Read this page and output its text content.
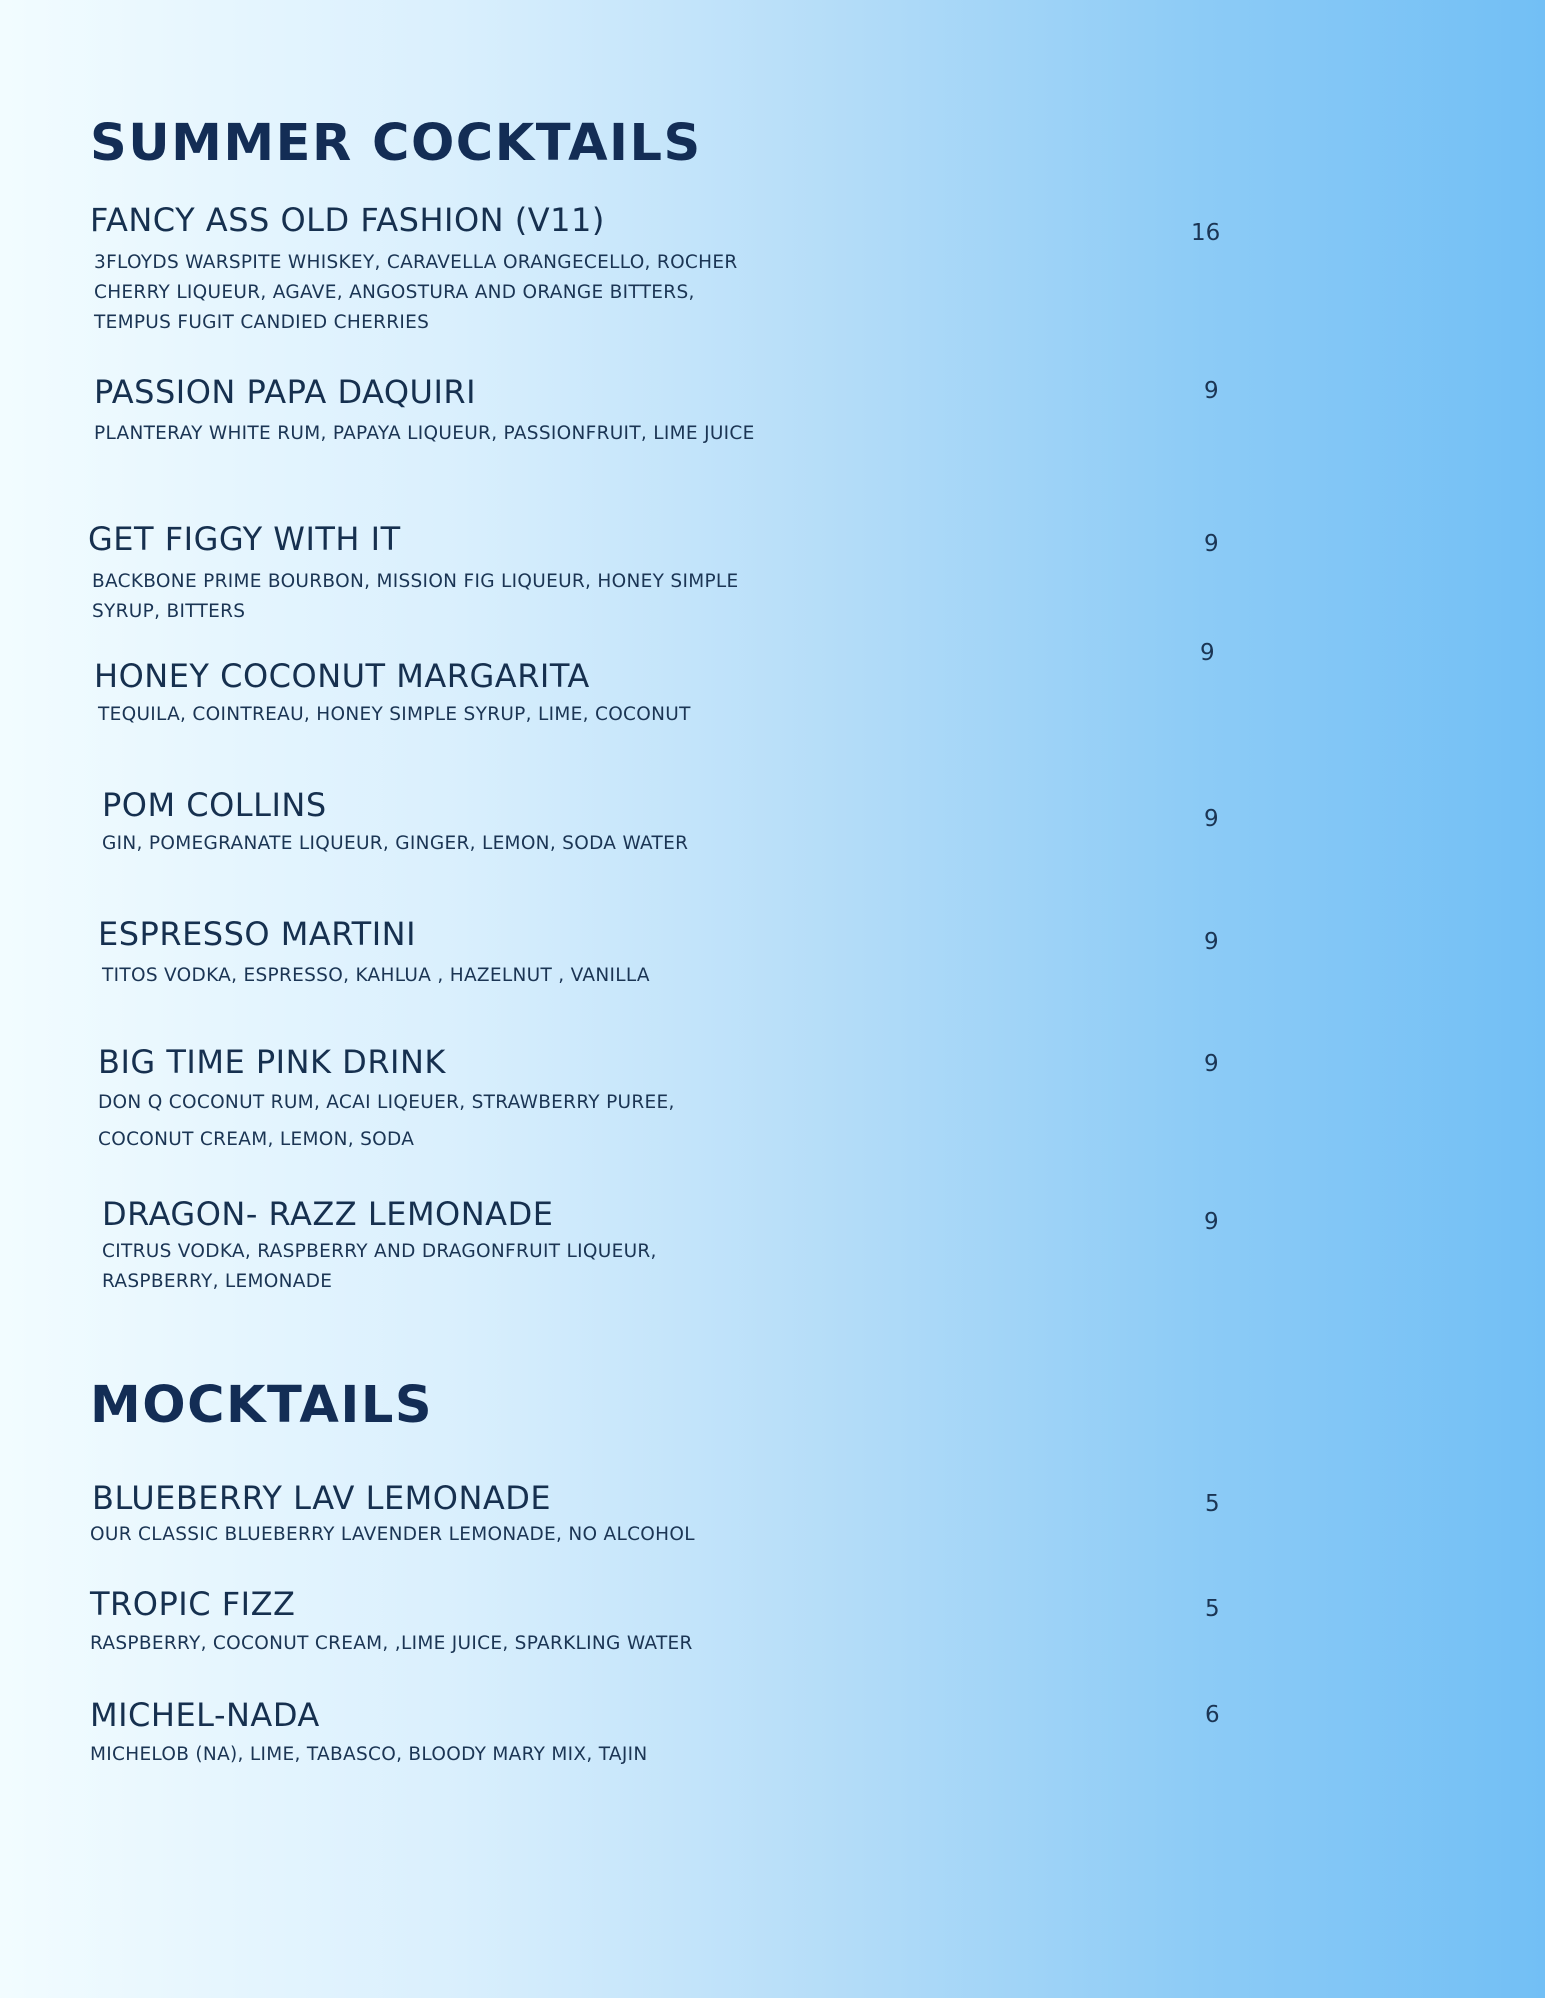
SUMMER COCKTAILS
FANCY ASS OLD FASHION (V11)

3FLOYDS WARSPITE WHISKEY, CARAVELLA ORANGECELLO, ROCHER CHERRY LIQUEUR, AGAVE, ANGOSTURA AND ORANGE BITTERS, TEMPUS FUGIT CANDIED CHERRIES

16
PASSION PAPA DAQUIRI

PLANTERAY WHITE RUM, PAPAYA LIQUEUR, PASSIONFRUIT, LIME JUICE

9
GET FIGGY WITH IT

BACKBONE PRIME BOURBON, MISSION FIG LIQUEUR, HONEY SIMPLE SYRUP, BITTERS

9
HONEY COCONUT MARGARITA

TEQUILA, COINTREAU, HONEY SIMPLE SYRUP, LIME, COCONUT

9
POM COLLINS

GIN, POMEGRANATE LIQUEUR, GINGER, LEMON, SODA WATER

9
ESPRESSO MARTINI

TITOS VODKA, ESPRESSO, KAHLUA , HAZELNUT , VANILLA

9
BIG TIME PINK DRINK

DON Q COCONUT RUM, ACAI LIQEUER, STRAWBERRY PUREE, COCONUT CREAM, LEMON, SODA

9
DRAGON- RAZZ LEMONADE

CITRUS VODKA, RASPBERRY AND DRAGONFRUIT LIQUEUR, RASPBERRY, LEMONADE

9
MOCKTAILS
BLUEBERRY LAV LEMONADE

OUR CLASSIC BLUEBERRY LAVENDER LEMONADE, NO ALCOHOL

5
TROPIC FIZZ

RASPBERRY, COCONUT CREAM, ,LIME JUICE, SPARKLING WATER

5
MICHEL-NADA

MICHELOB (NA), LIME, TABASCO, BLOODY MARY MIX, TAJIN

6
